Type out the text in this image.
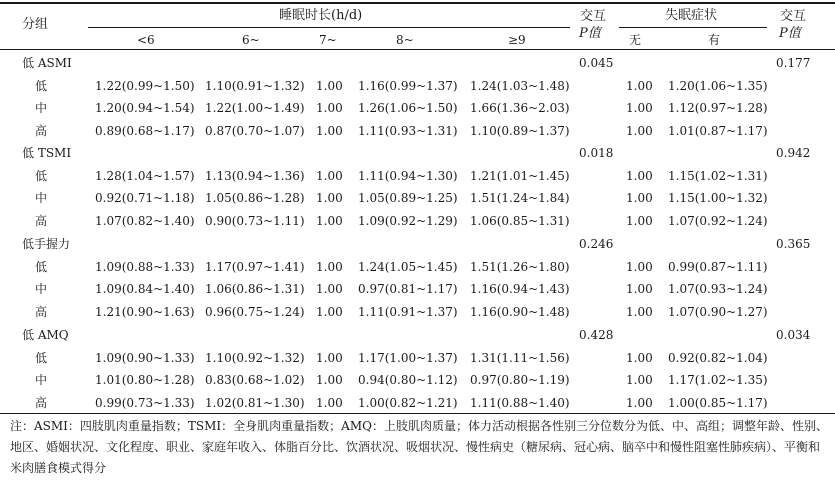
分组
睡眠时长(h/d)
<6	6~	7~	8~	≥9
交互
P值
失眠症状
无	有
交互
P值
低 ASMI	0.045	0.177
低	1.22(0.99~1.50) 1.10(0.91~1.32) 1.00 1.16(0.99~1.37) 1.24(1.03~1.48)	1.00 1.20(1.06~1.35)
中	1.20(0.94~1.54) 1.22(1.00~1.49) 1.00 1.26(1.06~1.50) 1.66(1.36~2.03)	1.00 1.12(0.97~1.28)
高	0.89(0.68~1.17) 0.87(0.70~1.07) 1.00 1.11(0.93~1.31) 1.10(0.89~1.37)	1.00 1.01(0.87~1.17)
低 TSMI	0.018	0.942
低	1.28(1.04~1.57) 1.13(0.94~1.36) 1.00 1.11(0.94~1.30) 1.21(1.01~1.45)	1.00 1.15(1.02~1.31)
中	0.92(0.71~1.18) 1.05(0.86~1.28) 1.00 1.05(0.89~1.25) 1.51(1.24~1.84)	1.00 1.15(1.00~1.32)
高	1.07(0.82~1.40) 0.90(0.73~1.11) 1.00 1.09(0.92~1.29) 1.06(0.85~1.31)	1.00 1.07(0.92~1.24)
低手握力	0.246	0.365
低	1.09(0.88~1.33) 1.17(0.97~1.41) 1.00 1.24(1.05~1.45) 1.51(1.26~1.80)	1.00 0.99(0.87~1.11)
中	1.09(0.84~1.40) 1.06(0.86~1.31) 1.00 0.97(0.81~1.17) 1.16(0.94~1.43)	1.00 1.07(0.93~1.24)
高	1.21(0.90~1.63) 0.96(0.75~1.24) 1.00 1.11(0.91~1.37) 1.16(0.90~1.48)	1.00 1.07(0.90~1.27)
低 AMQ	0.428	0.034
低	1.09(0.90~1.33) 1.10(0.92~1.32) 1.00 1.17(1.00~1.37) 1.31(1.11~1.56)	1.00 0.92(0.82~1.04)
中	1.01(0.80~1.28) 0.83(0.68~1.02) 1.00 0.94(0.80~1.12) 0.97(0.80~1.19)	1.00 1.17(1.02~1.35)
高	0.99(0.73~1.33) 1.02(0.81~1.30) 1.00 1.00(0.82~1.21) 1.11(0.88~1.40)	1.00 1.00(0.85~1.17)
注：ASMI：四肢肌肉重量指数；TSMI：全身肌肉重量指数；AMQ：上肢肌肉质量；体力活动根据各性别三分位数分为低、中、高组；调整年龄、性别、地区、婚姻状况、文化程度、职业、家庭年收入、体脂百分比、饮酒状况、吸烟状况、慢性病史（糖尿病、冠心病、脑卒中和慢性阻塞性肺疾病）、平衡和米肉膳食模式得分
